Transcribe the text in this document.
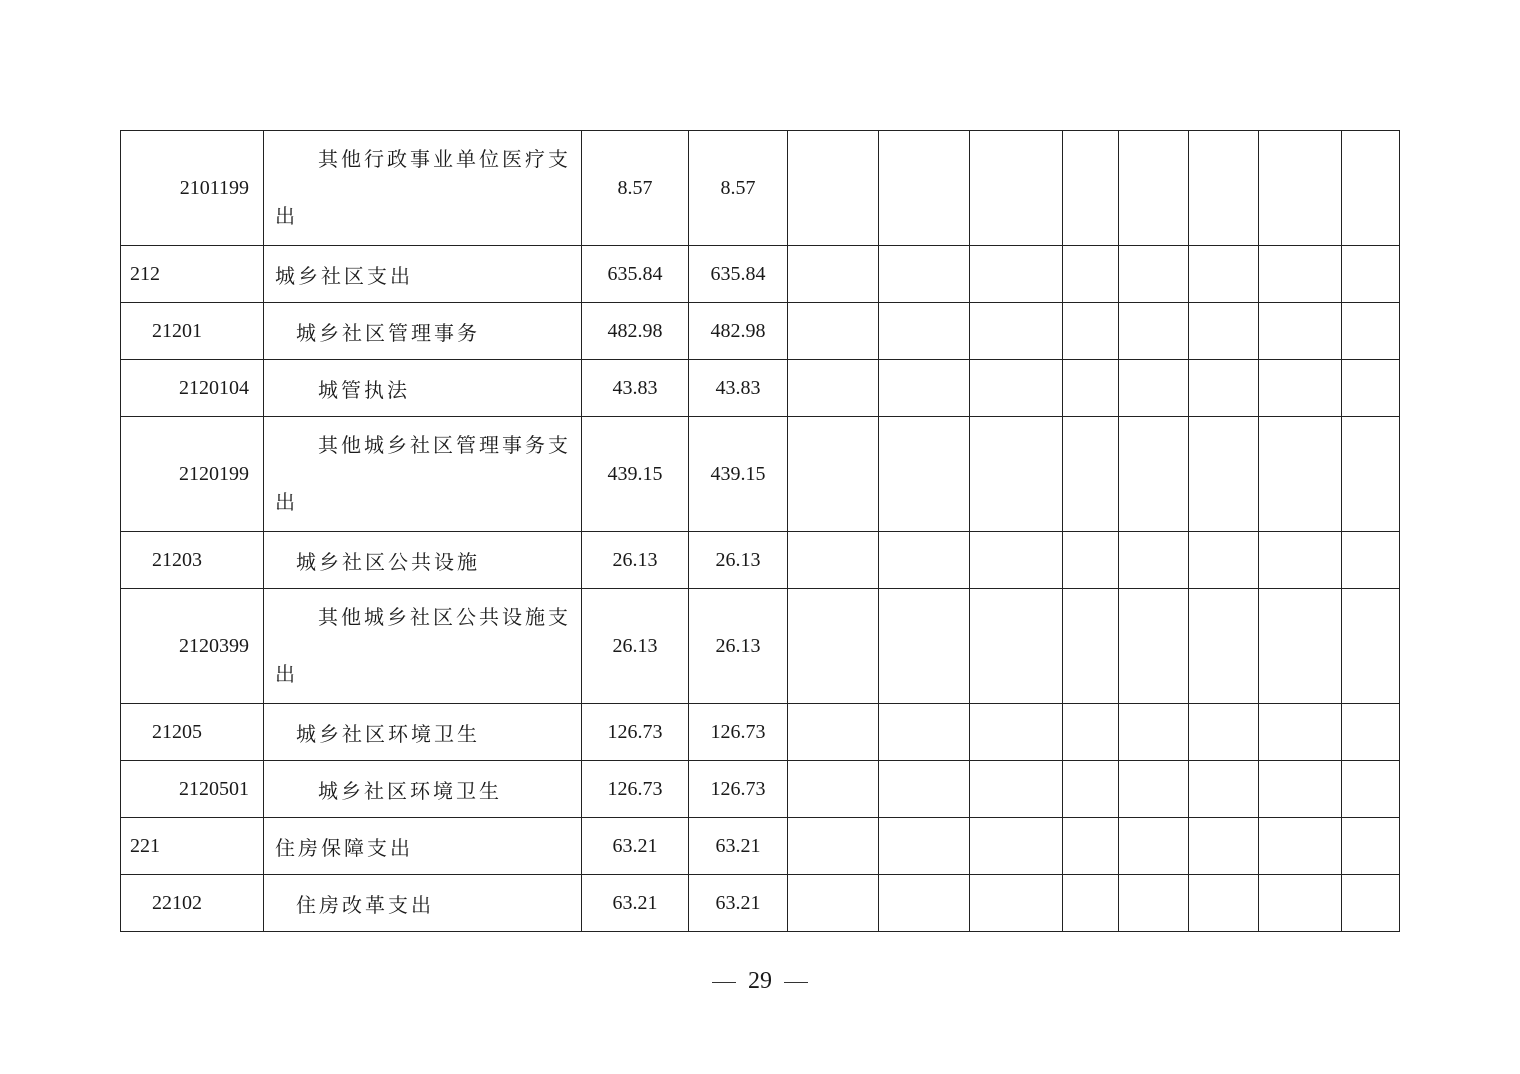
2101199	其他行政事业单位医疗支出	8.57	8.57								
212	城乡社区支出	635.84	635.84								
21201	城乡社区管理事务	482.98	482.98								
2120104	城管执法	43.83	43.83								
2120199	其他城乡社区管理事务支出	439.15	439.15								
21203	城乡社区公共设施	26.13	26.13								
2120399	其他城乡社区公共设施支出	26.13	26.13								
21205	城乡社区环境卫生	126.73	126.73								
2120501	城乡社区环境卫生	126.73	126.73								
221	住房保障支出	63.21	63.21								
22102	住房改革支出	63.21	63.21								
29
